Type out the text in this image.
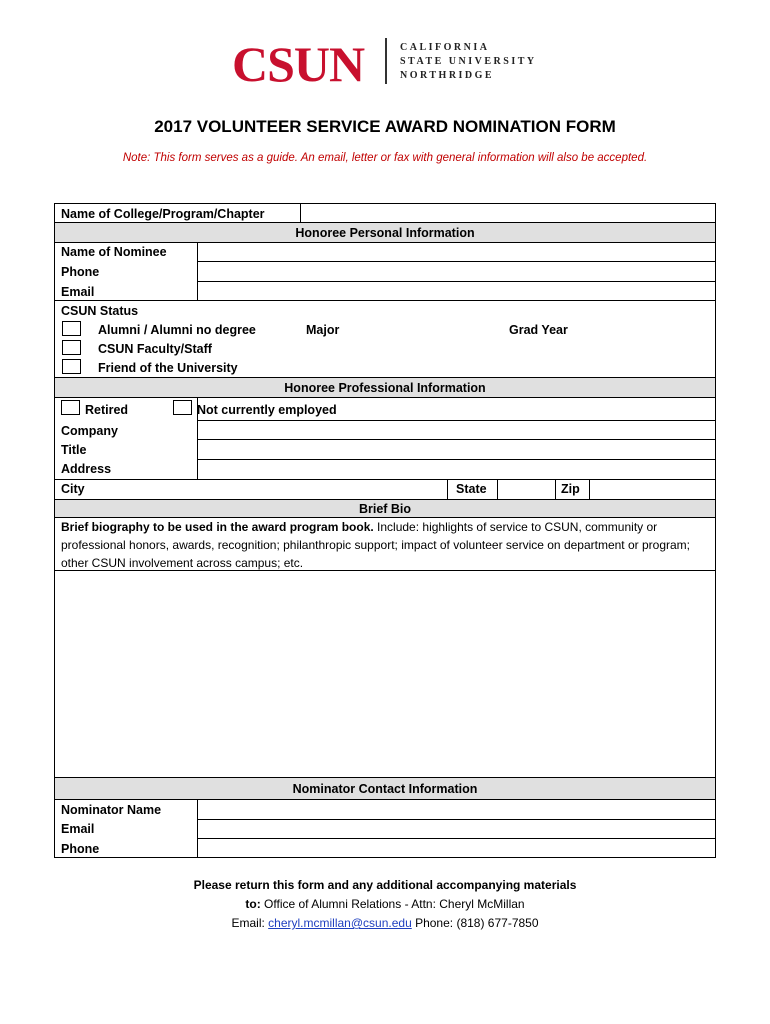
CSUN	CALIFORNIA
STATE UNIVERSITY
NORTHRIDGE
2017 VOLUNTEER SERVICE AWARD NOMINATION FORM
Note: This form serves as a guide. An email, letter or fax with general information will also be accepted.
Name of College/Program/Chapter
Honoree Personal Information
Name of Nominee
Phone
Email
CSUN Status
Alumni / Alumni no degree	Major	Grad Year
CSUN Faculty/Staff
Friend of the University
Honoree Professional Information
Retired	Not currently employed
Company
Title
Address
City	State	Zip
Brief Bio
Brief biography to be used in the award program book. Include: highlights of service to CSUN, community or professional honors, awards, recognition; philanthropic support; impact of volunteer service on department or program; other CSUN involvement across campus; etc.
Nominator Contact Information
Nominator Name
Email
Phone
Please return this form and any additional accompanying materials
to: Office of Alumni Relations - Attn: Cheryl McMillan
Email: cheryl.mcmillan@csun.edu Phone: (818) 677-7850
